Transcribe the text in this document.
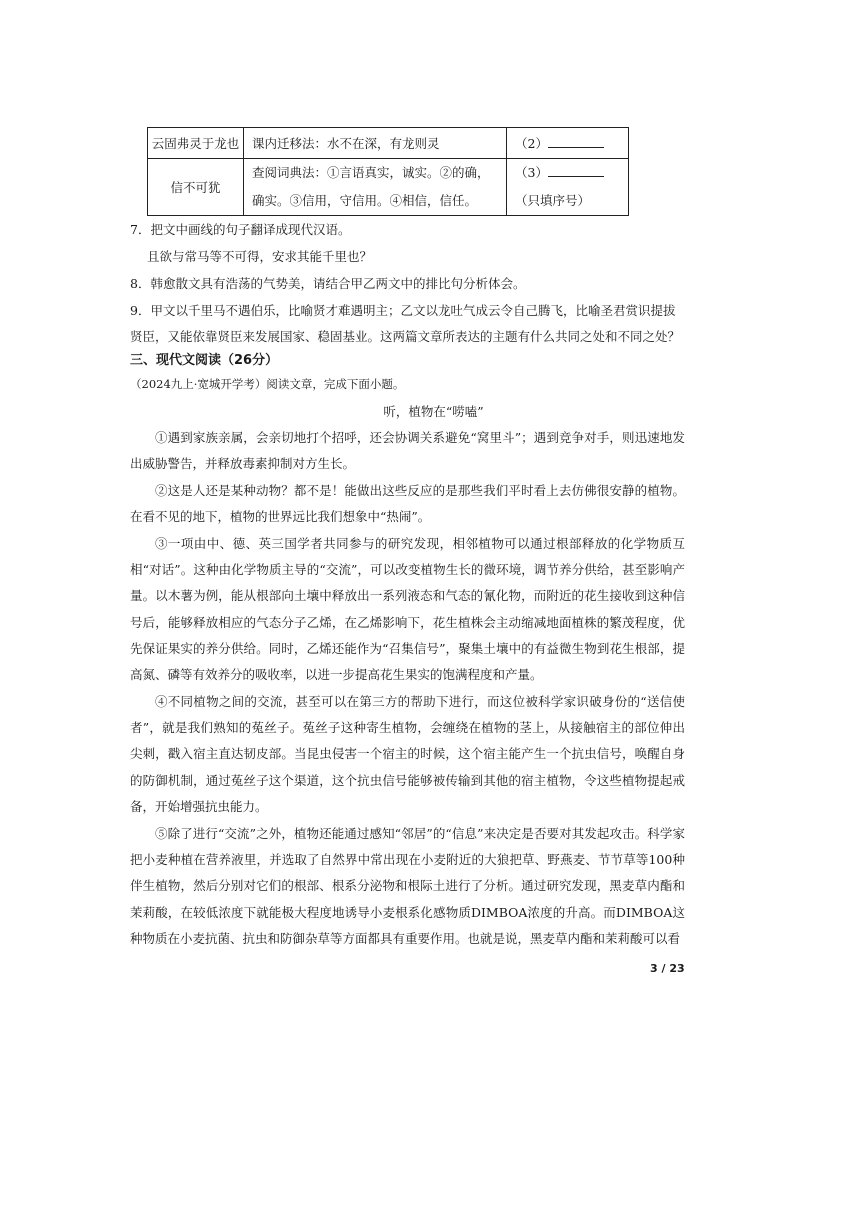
云固弗灵于龙也	课内迁移法：水不在深，有龙则灵	（2）
信不可犹	查阅词典法：①言语真实，诚实。②的确，确实。③信用，守信用。④相信，信任。	（3）
（只填序号）
7．把文中画线的句子翻译成现代汉语。
且欲与常马等不可得，安求其能千里也？
8．韩愈散文具有浩荡的气势美，请结合甲乙两文中的排比句分析体会。
9．甲文以千里马不遇伯乐，比喻贤才难遇明主；乙文以龙吐气成云令自己腾飞，比喻圣君赏识提拔
贤臣，又能依靠贤臣来发展国家、稳固基业。这两篇文章所表达的主题有什么共同之处和不同之处？
三、现代文阅读（26分）
（2024九上·宽城开学考）阅读文章，完成下面小题。
听，植物在“唠嗑”
①遇到家族亲属，会亲切地打个招呼，还会协调关系避免“窝里斗”；遇到竞争对手，则迅速地发出威胁警告，并释放毒素抑制对方生长。
②这是人还是某种动物？都不是！能做出这些反应的是那些我们平时看上去仿佛很安静的植物。在看不见的地下，植物的世界远比我们想象中“热闹”。
③一项由中、德、英三国学者共同参与的研究发现，相邻植物可以通过根部释放的化学物质互相“对话”。这种由化学物质主导的“交流”，可以改变植物生长的微环境，调节养分供给，甚至影响产量。以木薯为例，能从根部向土壤中释放出一系列液态和气态的氰化物，而附近的花生接收到这种信号后，能够释放相应的气态分子乙烯，在乙烯影响下，花生植株会主动缩减地面植株的繁茂程度，优先保证果实的养分供给。同时，乙烯还能作为“召集信号”，聚集土壤中的有益微生物到花生根部，提高氮、磷等有效养分的吸收率，以进一步提高花生果实的饱满程度和产量。
④不同植物之间的交流，甚至可以在第三方的帮助下进行，而这位被科学家识破身份的“送信使者”，就是我们熟知的菟丝子。菟丝子这种寄生植物，会缠绕在植物的茎上，从接触宿主的部位伸出尖刺，戳入宿主直达韧皮部。当昆虫侵害一个宿主的时候，这个宿主能产生一个抗虫信号，唤醒自身的防御机制，通过菟丝子这个渠道，这个抗虫信号能够被传输到其他的宿主植物，令这些植物提起戒备，开始增强抗虫能力。
⑤除了进行“交流”之外，植物还能通过感知“邻居”的“信息”来决定是否要对其发起攻击。科学家把小麦种植在营养液里，并选取了自然界中常出现在小麦附近的大狼把草、野燕麦、节节草等100种伴生植物，然后分别对它们的根部、根系分泌物和根际土进行了分析。通过研究发现，黑麦草内酯和茉莉酸，在较低浓度下就能极大程度地诱导小麦根系化感物质DIMBOA浓度的升高。而DIMBOA这种物质在小麦抗菌、抗虫和防御杂草等方面都具有重要作用。也就是说，黑麦草内酯和茉莉酸可以看
3 / 23
